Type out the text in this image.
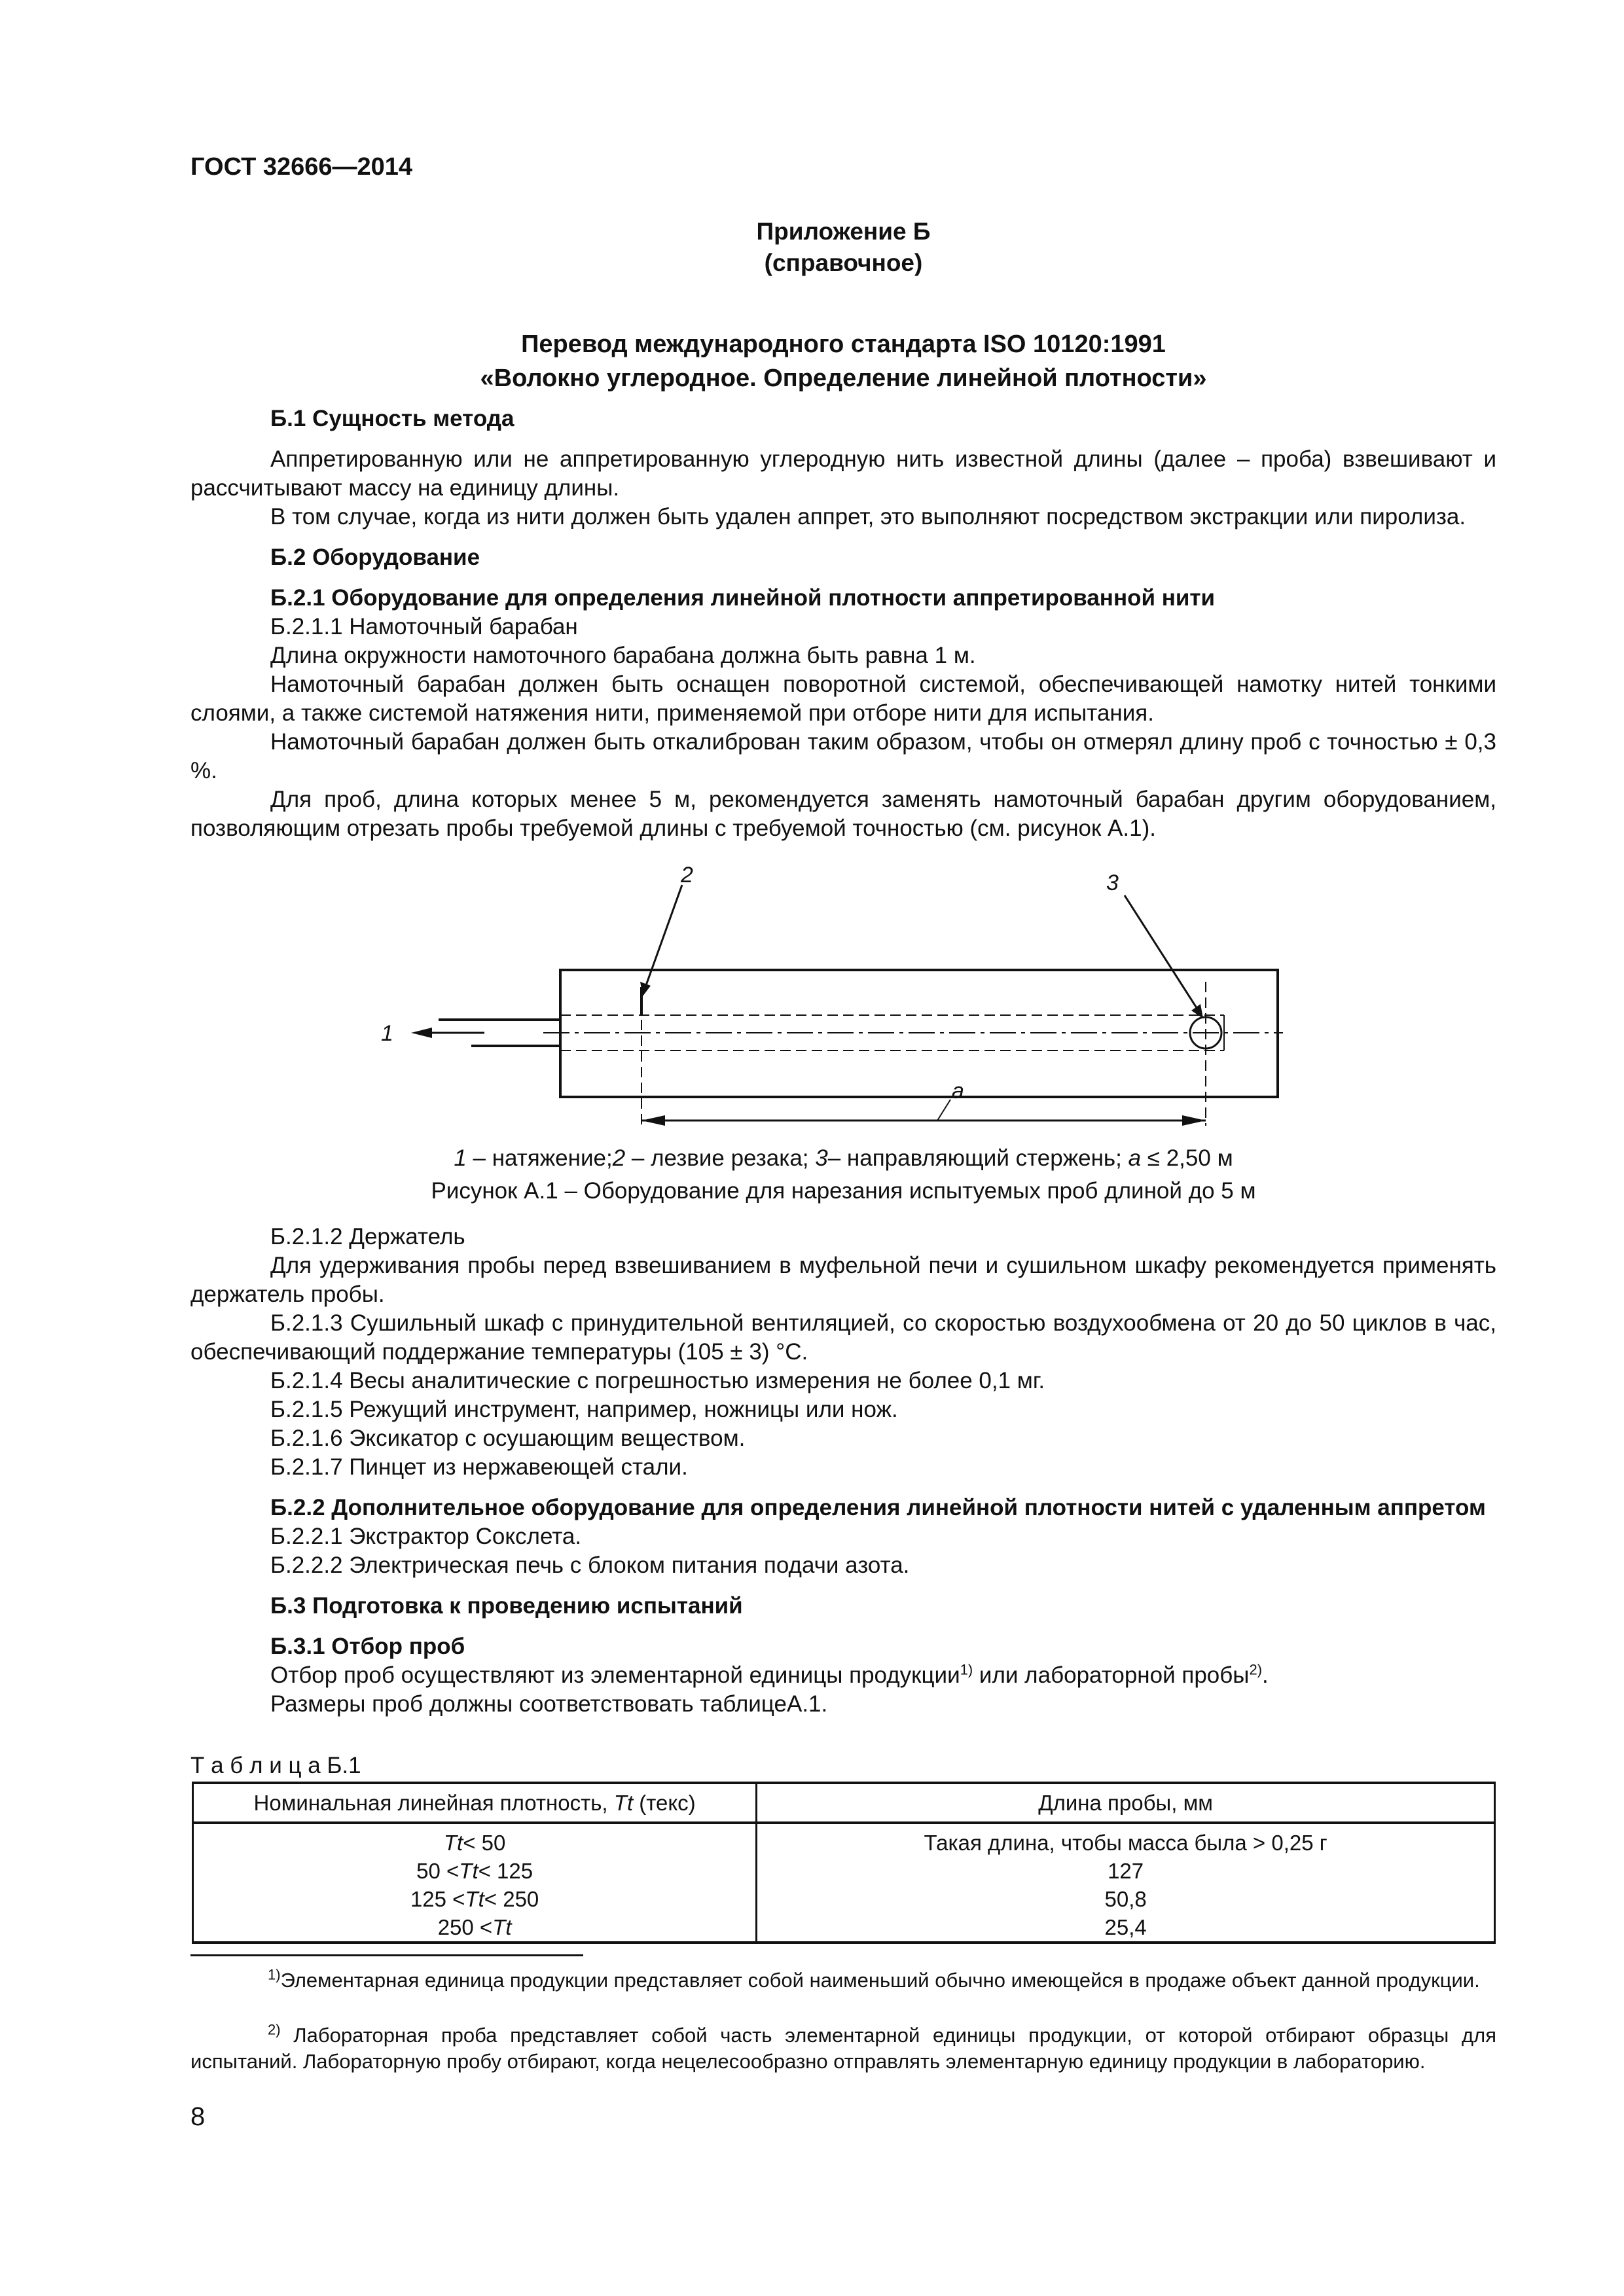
ГОСТ 32666—2014
Приложение Б
(справочное)
Перевод международного стандарта ISO 10120:1991
«Волокно углеродное. Определение линейной плотности»
Б.1 Сущность метода

Аппретированную или не аппретированную углеродную нить известной длины (далее – проба) взвешивают и рассчитывают массу на единицу длины.

В том случае, когда из нити должен быть удален аппрет, это выполняют посредством экстракции или пиролиза.

Б.2 Оборудование
Б.2.1 Оборудование для определения линейной плотности аппретированной нити
Б.2.1.1 Намоточный барабан

Длина окружности намоточного барабана должна быть равна 1 м.

Намоточный барабан должен быть оснащен поворотной системой, обеспечивающей намотку нитей тонкими слоями, а также системой натяжения нити, применяемой при отборе нити для испытания.

Намоточный барабан должен быть откалиброван таким образом, чтобы он отмерял длину проб с точностью ± 0,3 %.

Для проб, длина которых менее 5 м, рекомендуется заменять намоточный барабан другим оборудованием, позволяющим отрезать пробы требуемой длины с требуемой точностью (см. рисунок А.1).

1
2	3
a
1 – натяжение;2 – лезвие резака; 3– направляющий стержень; a ≤ 2,50 м
Рисунок А.1 – Оборудование для нарезания испытуемых проб длиной до 5 м
Б.2.1.2 Держатель

Для удерживания пробы перед взвешиванием в муфельной печи и сушильном шкафу рекомендуется применять держатель пробы.

Б.2.1.3 Сушильный шкаф с принудительной вентиляцией, со скоростью воздухообмена от 20 до 50 циклов в час, обеспечивающий поддержание температуры (105 ± 3) °С.

Б.2.1.4 Весы аналитические с погрешностью измерения не более 0,1 мг.
Б.2.1.5 Режущий инструмент, например, ножницы или нож.
Б.2.1.6 Эксикатор с осушающим веществом.
Б.2.1.7 Пинцет из нержавеющей стали.

Б.2.2 Дополнительное оборудование для определения линейной плотности нитей с удаленным аппретом

Б.2.2.1 Экстрактор Сокслета.
Б.2.2.2 Электрическая печь с блоком питания подачи азота.
Б.3 Подготовка к проведению испытаний
Б.3.1 Отбор проб
Отбор проб осуществляют из элементарной единицы продукции$^{1)}$ или лабораторной пробы$^{2)}$.
Размеры проб должны соответствовать таблицеА.1.
Т а б л и ц а Б.1
Номинальная линейная плотность, Tt (текс)	Длина пробы, мм
Tt< 50	Такая длина, чтобы масса была > 0,25 г
50 <Tt< 125	127
125 <Tt< 250	50,8
250 <Tt	25,4
$^{1)}$Элементарная единица продукции представляет собой наименьший обычно имеющейся в продаже объект данной продукции.
$^{2)}$ Лабораторная проба представляет собой часть элементарной единицы продукции, от которой отбирают образцы для испытаний. Лабораторную пробу отбирают, когда нецелесообразно отправлять элементарную единицу продукции в лабораторию.
8
